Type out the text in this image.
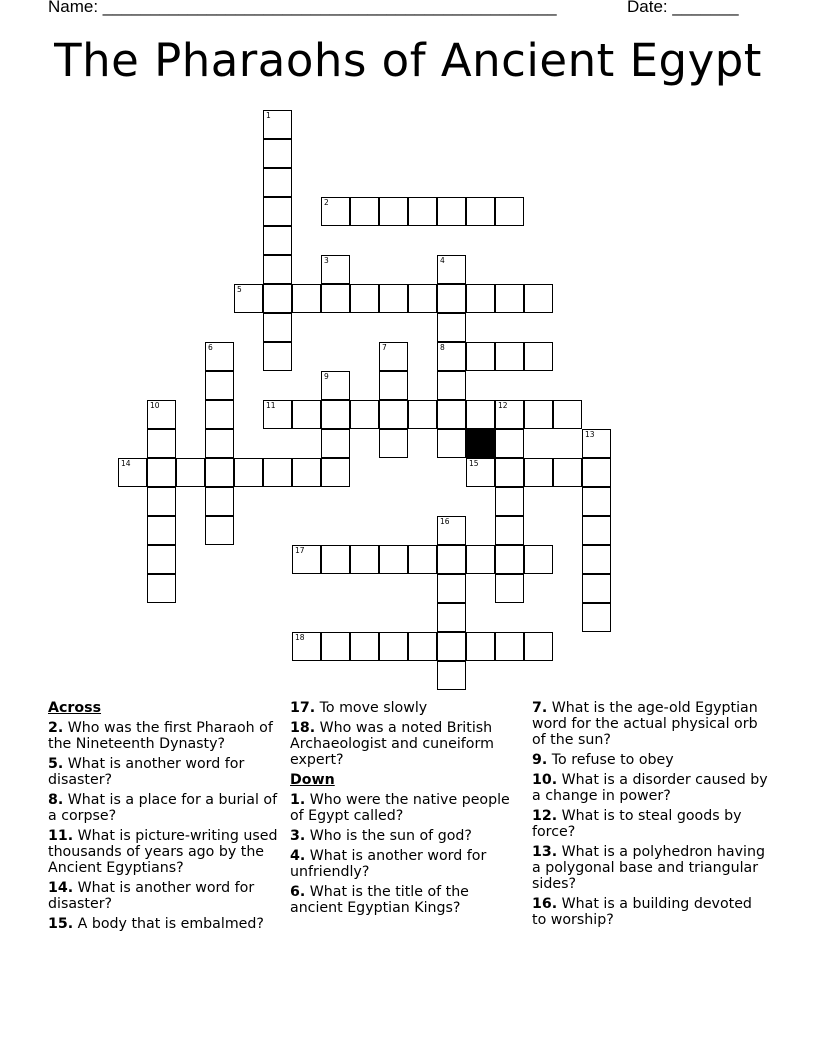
Name: ________________________________________________	Date: _______
The Pharaohs of Ancient Egypt
1
2
3	4
5
6	7	8
9
10	11	12
13
14	15
16
17
18
Across
2. Who was the first Pharaoh of the Nineteenth Dynasty?
5. What is another word for disaster?
8. What is a place for a burial of a corpse?
11. What is picture-writing used thousands of years ago by the Ancient Egyptians?
14. What is another word for disaster?
15. A body that is embalmed?
17. To move slowly
18. Who was a noted British Archaeologist and cuneiform expert?
Down
1. Who were the native people of Egypt called?
3. Who is the sun of god?
4. What is another word for unfriendly?
6. What is the title of the ancient Egyptian Kings?
7. What is the age-old Egyptian word for the actual physical orb of the sun?
9. To refuse to obey
10. What is a disorder caused by a change in power?
12. What is to steal goods by force?
13. What is a polyhedron having a polygonal base and triangular sides?
16. What is a building devoted to worship?
